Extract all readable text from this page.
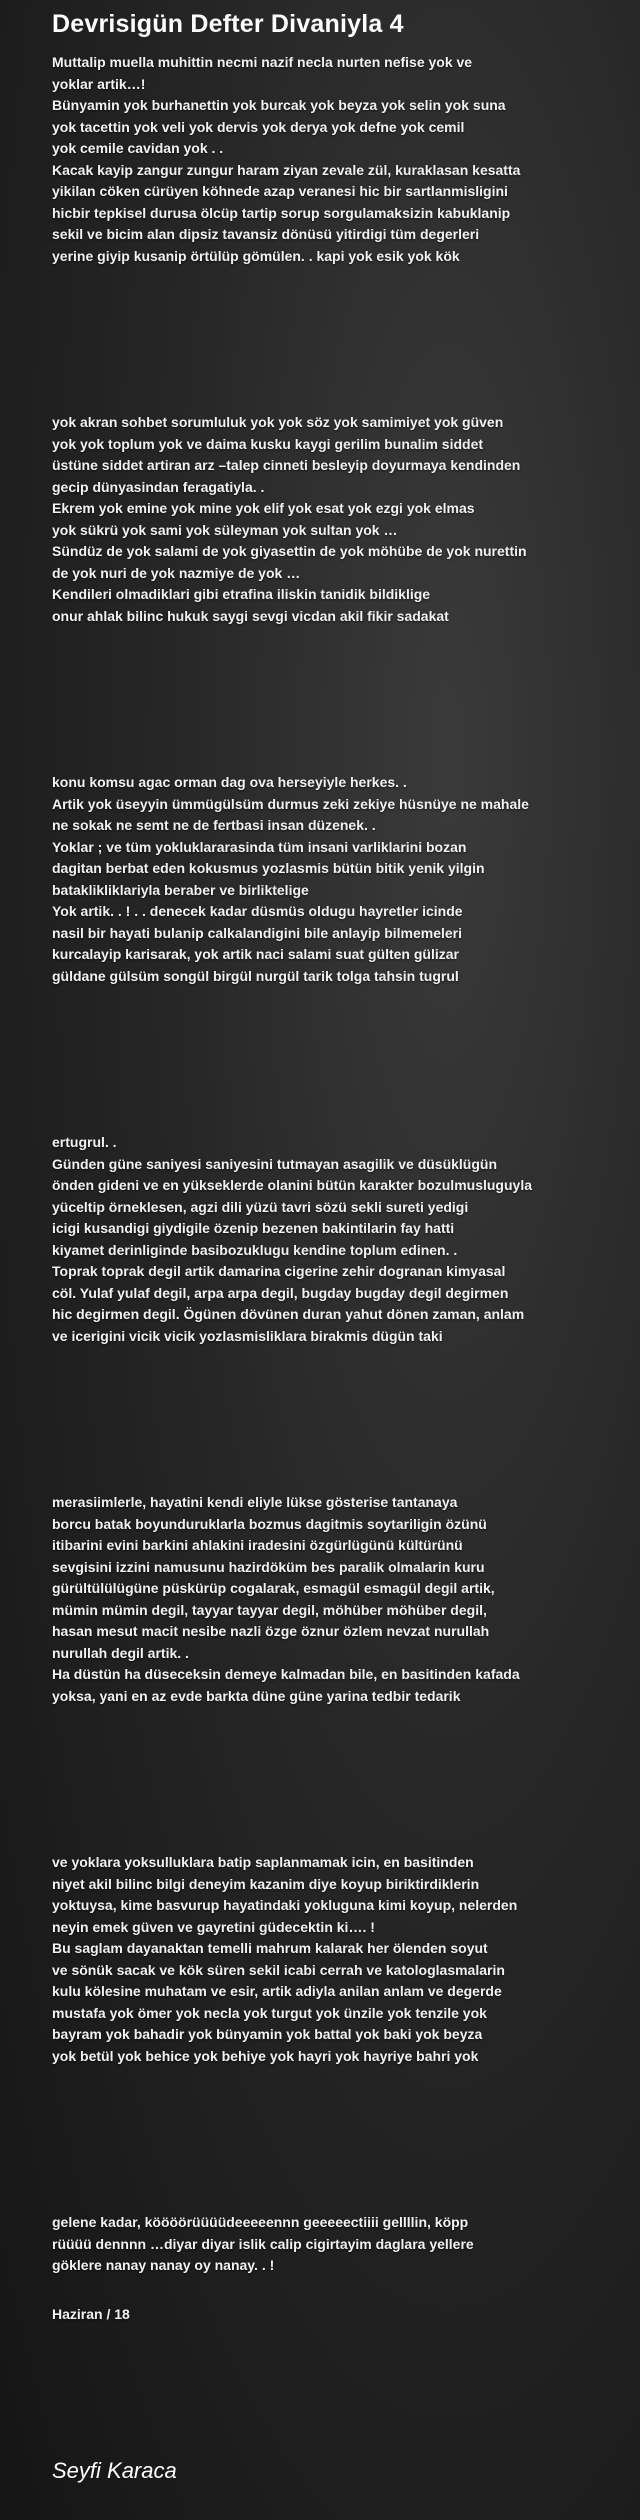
Devrisigün Defter Divaniyla 4
Muttalip muella muhittin necmi nazif necla nurten nefise yok ve
yoklar artik…!
Bünyamin yok burhanettin yok burcak yok beyza yok selin yok suna
yok tacettin yok veli yok dervis yok derya yok defne yok cemil
yok cemile cavidan yok . .
Kacak kayip zangur zungur haram ziyan zevale zül, kuraklasan kesatta
yikilan cöken cürüyen köhnede azap veranesi hic bir sartlanmisligini
hicbir tepkisel durusa ölcüp tartip sorup sorgulamaksizin kabuklanip
sekil ve bicim alan dipsiz tavansiz dönüsü yitirdigi tüm degerleri
yerine giyip kusanip örtülüp gömülen. . kapi yok esik yok kök
yok akran sohbet sorumluluk yok yok söz yok samimiyet yok güven
yok yok toplum yok ve daima kusku kaygi gerilim bunalim siddet
üstüne siddet artiran arz –talep cinneti besleyip doyurmaya kendinden
gecip dünyasindan feragatiyla. .
Ekrem yok emine yok mine yok elif yok esat yok ezgi yok elmas
yok sükrü yok sami yok süleyman yok sultan yok …
Sündüz de yok salami de yok giyasettin de yok möhübe de yok nurettin
de yok nuri de yok nazmiye de yok …
Kendileri olmadiklari gibi etrafina iliskin tanidik bildiklige
onur ahlak bilinc hukuk saygi sevgi vicdan akil fikir sadakat
konu komsu agac orman dag ova herseyiyle herkes. .
Artik yok üseyyin ümmügülsüm durmus zeki zekiye hüsnüye ne mahale
ne sokak ne semt ne de fertbasi insan düzenek. .
Yoklar ; ve tüm yokluklararasinda tüm insani varliklarini bozan
dagitan berbat eden kokusmus yozlasmis bütün bitik yenik yilgin
bataklikliklariyla beraber ve birliktelige
Yok artik. . ! . . denecek kadar düsmüs oldugu hayretler icinde
nasil bir hayati bulanip calkalandigini bile anlayip bilmemeleri
kurcalayip karisarak, yok artik naci salami suat gülten gülizar
güldane gülsüm songül birgül nurgül tarik tolga tahsin tugrul
ertugrul. .
Günden güne saniyesi saniyesini tutmayan asagilik ve düsüklügün
önden gideni ve en yükseklerde olanini bütün karakter bozulmusluguyla
yüceltip örneklesen, agzi dili yüzü tavri sözü sekli sureti yedigi
icigi kusandigi giydigile özenip bezenen bakintilarin fay hatti
kiyamet derinliginde basibozuklugu kendine toplum edinen. .
Toprak toprak degil artik damarina cigerine zehir dogranan kimyasal
cöl. Yulaf yulaf degil, arpa arpa degil, bugday bugday degil degirmen
hic degirmen degil. Ögünen dövünen duran yahut dönen zaman, anlam
ve icerigini vicik vicik yozlasmisliklara birakmis dügün taki
merasiimlerle, hayatini kendi eliyle lükse gösterise tantanaya
borcu batak boyunduruklarla bozmus dagitmis soytariligin özünü
itibarini evini barkini ahlakini iradesini özgürlügünü kültürünü
sevgisini izzini namusunu hazirdöküm bes paralik olmalarin kuru
gürültülülügüne püskürüp cogalarak, esmagül esmagül degil artik,
mümin mümin degil, tayyar tayyar degil, möhüber möhüber degil,
hasan mesut macit nesibe nazli özge öznur özlem nevzat nurullah
nurullah degil artik. .
Ha düstün ha düseceksin demeye kalmadan bile, en basitinden kafada
yoksa, yani en az evde barkta düne güne yarina tedbir tedarik
ve yoklara yoksulluklara batip saplanmamak icin, en basitinden
niyet akil bilinc bilgi deneyim kazanim diye koyup biriktirdiklerin
yoktuysa, kime basvurup hayatindaki yokluguna kimi koyup, nelerden
neyin emek güven ve gayretini güdecektin ki…. !
Bu saglam dayanaktan temelli mahrum kalarak her ölenden soyut
ve sönük sacak ve kök süren sekil icabi cerrah ve katologlasmalarin
kulu kölesine muhatam ve esir, artik adiyla anilan anlam ve degerde
mustafa yok ömer yok necla yok turgut yok ünzile yok tenzile yok
bayram yok bahadir yok bünyamin yok battal yok baki yok beyza
yok betül yok behice yok behiye yok hayri yok hayriye bahri yok
gelene kadar, köööörüüüüdeeeeennn geeeeectiiii gellllin, köpp
rüüüü dennnn …diyar diyar islik calip cigirtayim daglara yellere
göklere nanay nanay oy nanay. . !
Haziran / 18
Seyfi Karaca
